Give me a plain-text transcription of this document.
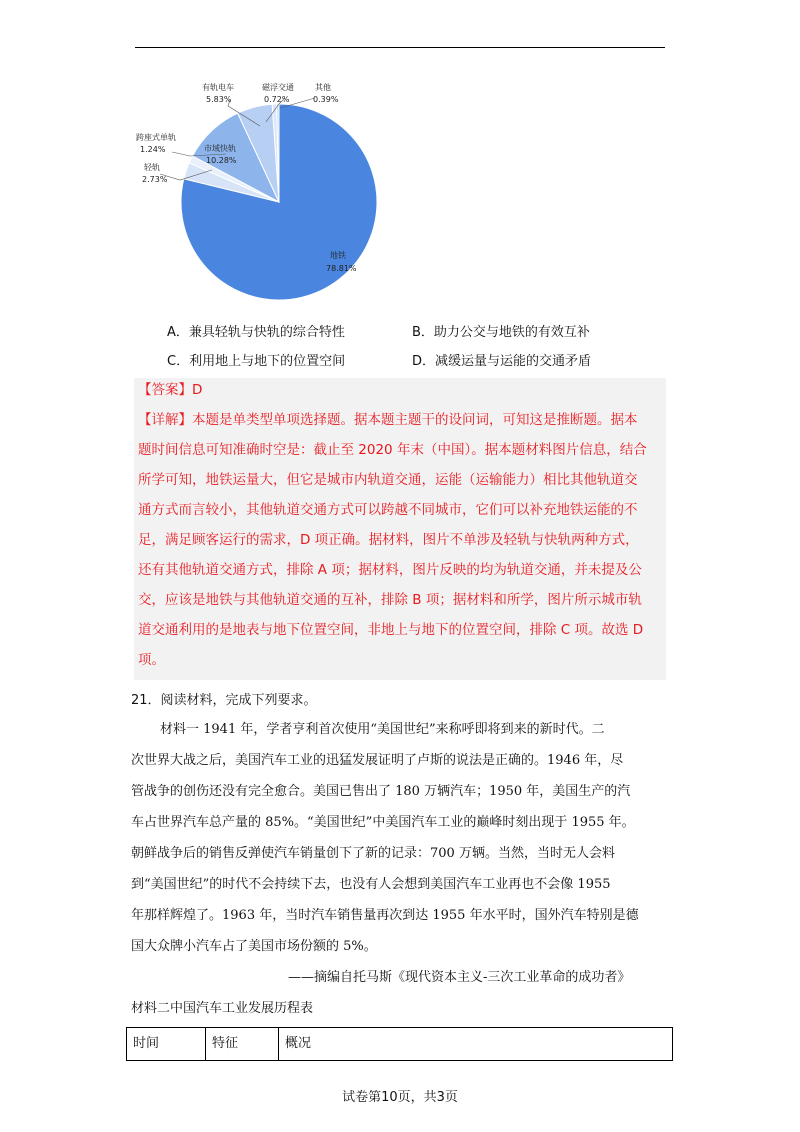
有轨电车
5.83%
磁浮交通
0.72%
其他
0.39%
跨座式单轨
1.24%
轻轨
2.73%
市域快轨
10.28%
地铁
78.81%
A．兼具轻轨与快轨的综合特性	B．助力公交与地铁的有效互补
C．利用地上与地下的位置空间	D．减缓运量与运能的交通矛盾
【答案】D
【详解】本题是单类型单项选择题。据本题主题干的设问词，可知这是推断题。据本
题时间信息可知准确时空是：截止至 2020 年末（中国）。据本题材料图片信息，结合
所学可知，地铁运量大，但它是城市内轨道交通，运能（运输能力）相比其他轨道交
通方式而言较小，其他轨道交通方式可以跨越不同城市，它们可以补充地铁运能的不
足，满足顾客运行的需求，D 项正确。据材料，图片不单涉及轻轨与快轨两种方式，
还有其他轨道交通方式，排除 A 项；据材料，图片反映的均为轨道交通，并未提及公
交，应该是地铁与其他轨道交通的互补，排除 B 项；据材料和所学，图片所示城市轨
道交通利用的是地表与地下位置空间，非地上与地下的位置空间，排除 C 项。故选 D
项。
21．阅读材料，完成下列要求。
材料一 1941 年，学者亨利首次使用“美国世纪”来称呼即将到来的新时代。二
次世界大战之后，美国汽车工业的迅猛发展证明了卢斯的说法是正确的。1946 年，尽
管战争的创伤还没有完全愈合。美国已售出了 180 万辆汽车；1950 年，美国生产的汽
车占世界汽车总产量的 85%。“美国世纪”中美国汽车工业的巅峰时刻出现于 1955 年。
朝鲜战争后的销售反弹使汽车销量创下了新的记录：700 万辆。当然，当时无人会料
到“美国世纪”的时代不会持续下去，也没有人会想到美国汽车工业再也不会像 1955
年那样辉煌了。1963 年，当时汽车销售量再次到达 1955 年水平时，国外汽车特别是德
国大众牌小汽车占了美国市场份额的 5%。
——摘编自托马斯《现代资本主义-三次工业革命的成功者》
材料二中国汽车工业发展历程表
时间	特征	概况
试卷第10页，共3页
